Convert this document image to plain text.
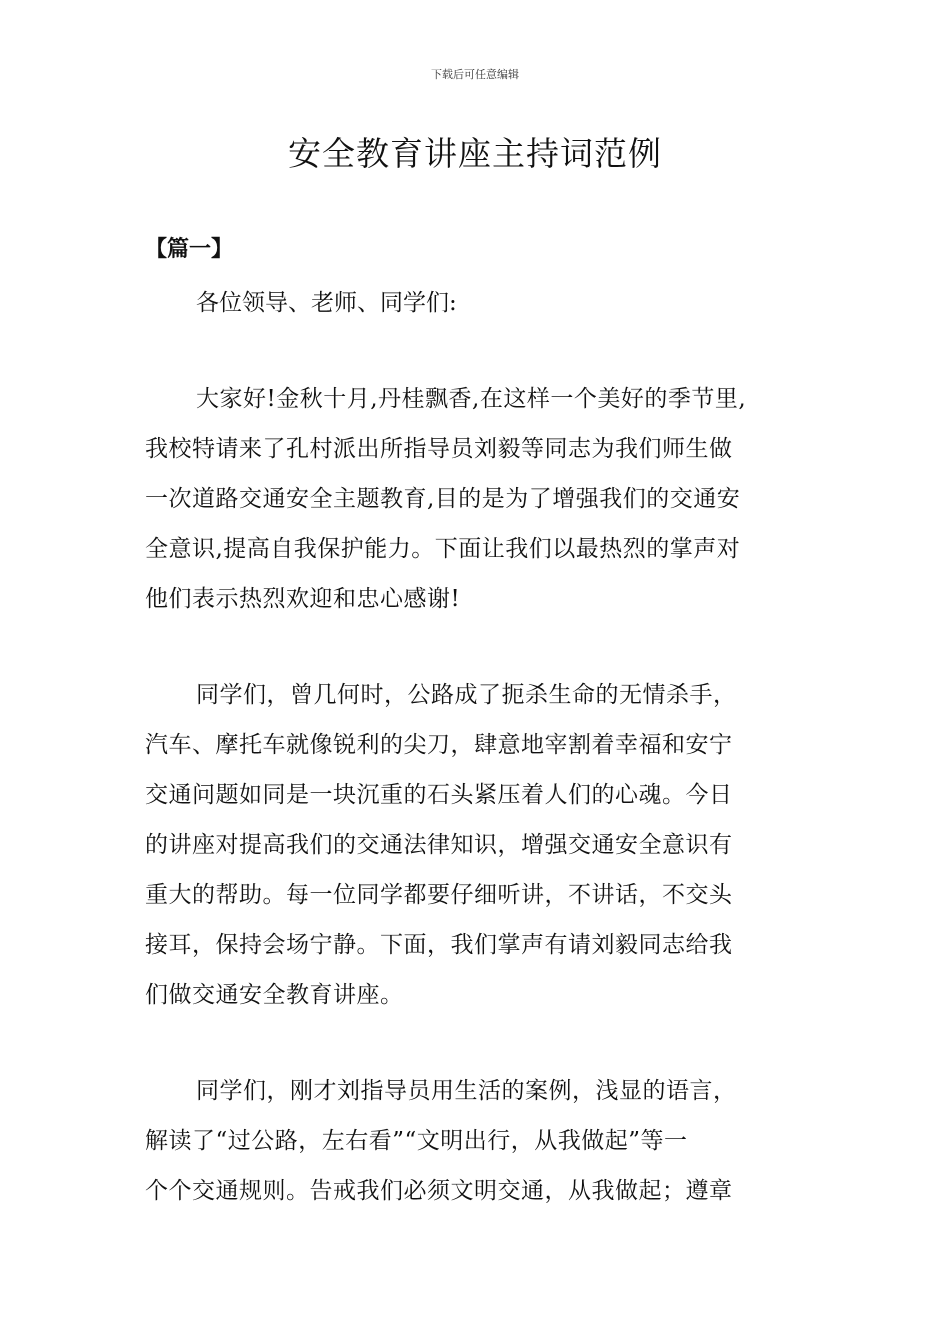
下载后可任意编辑
安全教育讲座主持词范例
【篇一】
各位领导、老师、同学们:
大家好!金秋十月,丹桂飘香,在这样一个美好的季节里,
我校特请来了孔村派出所指导员刘毅等同志为我们师生做
一次道路交通安全主题教育,目的是为了增强我们的交通安
全意识,提高自我保护能力。下面让我们以最热烈的掌声对
他们表示热烈欢迎和忠心感谢!
同学们，曾几何时，公路成了扼杀生命的无情杀手，
汽车、摩托车就像锐利的尖刀，肆意地宰割着幸福和安宁
交通问题如同是一块沉重的石头紧压着人们的心魂。今日
的讲座对提高我们的交通法律知识，增强交通安全意识有
重大的帮助。每一位同学都要仔细听讲，不讲话，不交头
接耳，保持会场宁静。下面，我们掌声有请刘毅同志给我
们做交通安全教育讲座。
同学们，刚才刘指导员用生活的案例，浅显的语言，
解读了“过公路，左右看”“文明出行，从我做起”等一
个个交通规则。告戒我们必须文明交通，从我做起；遵章
